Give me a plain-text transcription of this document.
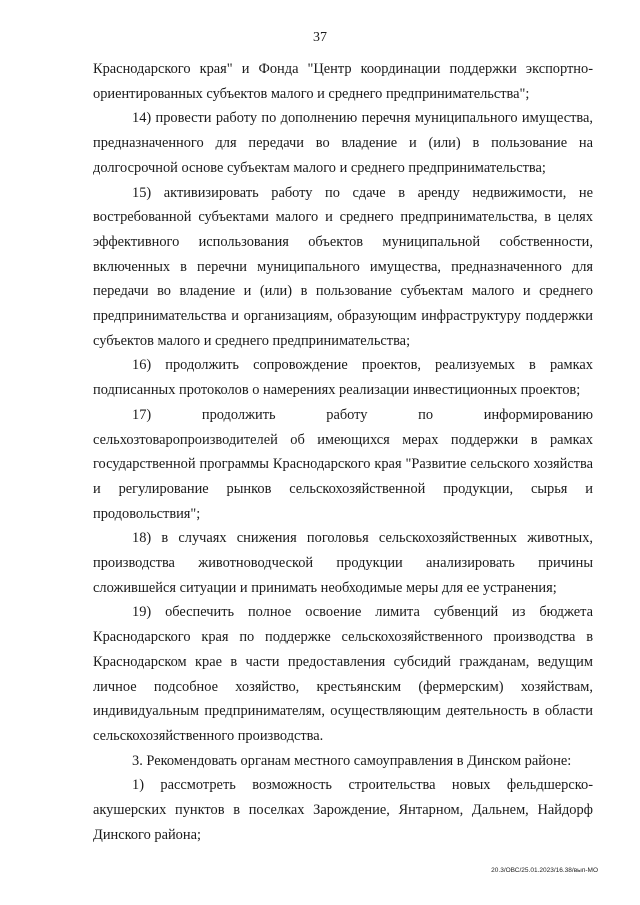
37

Краснодарского края" и Фонда "Центр координации поддержки экспортно-ориентированных субъектов малого и среднего предпринимательства";

14) провести работу по дополнению перечня муниципального имущества, предназначенного для передачи во владение и (или) в пользование на долгосрочной основе субъектам малого и среднего предпринимательства;

15) активизировать работу по сдаче в аренду недвижимости, не востребованной субъектами малого и среднего предпринимательства, в целях эффективного использования объектов муниципальной собственности, включенных в перечни муниципального имущества, предназначенного для передачи во владение и (или) в пользование субъектам малого и среднего предпринимательства и организациям, образующим инфраструктуру поддержки субъектов малого и среднего предпринимательства;

16) продолжить сопровождение проектов, реализуемых в рамках подписанных протоколов о намерениях реализации инвестиционных проектов;

17) продолжить работу по информированию сельхозтоваропроизводителей об имеющихся мерах поддержки в рамках государственной программы Краснодарского края "Развитие сельского хозяйства и регулирование рынков сельскохозяйственной продукции, сырья и продовольствия";

18) в случаях снижения поголовья сельскохозяйственных животных, производства животноводческой продукции анализировать причины сложившейся ситуации и принимать необходимые меры для ее устранения;

19) обеспечить полное освоение лимита субвенций из бюджета Краснодарского края по поддержке сельскохозяйственного производства в Краснодарском крае в части предоставления субсидий гражданам, ведущим личное подсобное хозяйство, крестьянским (фермерским) хозяйствам, индивидуальным предпринимателям, осуществляющим деятельность в области сельскохозяйственного производства.

3. Рекомендовать органам местного самоуправления в Динском районе:

1) рассмотреть возможность строительства новых фельдшерско-акушерских пунктов в поселках Зарождение, Янтарном, Дальнем, Найдорф Динского района;

20.3/ОВС/25.01.2023/16.38/вып-МО
